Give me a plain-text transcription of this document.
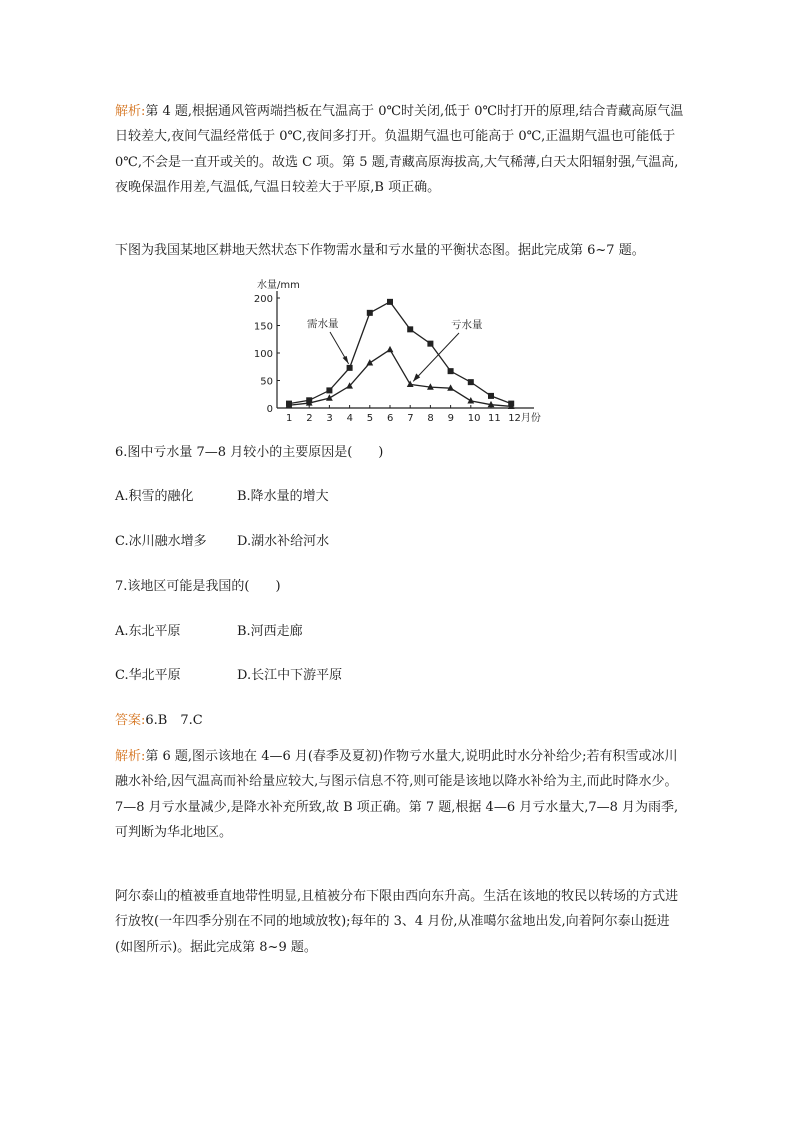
解析:第 4 题,根据通风管两端挡板在气温高于 0℃时关闭,低于 0℃时打开的原理,结合青藏高原气温日较差大,夜间气温经常低于 0℃,夜间多打开。负温期气温也可能高于 0℃,正温期气温也可能低于 0℃,不会是一直开或关的。故选 C 项。第 5 题,青藏高原海拔高,大气稀薄,白天太阳辐射强,气温高,夜晚保温作用差,气温低,气温日较差大于平原,B 项正确。

下图为我国某地区耕地天然状态下作物需水量和亏水量的平衡状态图。据此完成第 6~7 题。

0
50
100
150
200
水量/mm
1 2 3 4 5 6 7 8 9 10 11 12月份
需水量	亏水量
6.图中亏水量 7—8 月较小的主要原因是(　　)
A.积雪的融化	B.降水量的增大
C.冰川融水增多 D.湖水补给河水
7.该地区可能是我国的(　　)
A.东北平原	B.河西走廊
C.华北平原	D.长江中下游平原
答案:6.B　7.C

解析:第 6 题,图示该地在 4—6 月(春季及夏初)作物亏水量大,说明此时水分补给少;若有积雪或冰川融水补给,因气温高而补给量应较大,与图示信息不符,则可能是该地以降水补给为主,而此时降水少。7—8 月亏水量减少,是降水补充所致,故 B 项正确。第 7 题,根据 4—6 月亏水量大,7—8 月为雨季,可判断为华北地区。

阿尔泰山的植被垂直地带性明显,且植被分布下限由西向东升高。生活在该地的牧民以转场的方式进行放牧(一年四季分别在不同的地域放牧);每年的 3、4 月份,从准噶尔盆地出发,向着阿尔泰山挺进(如图所示)。据此完成第 8~9 题。
